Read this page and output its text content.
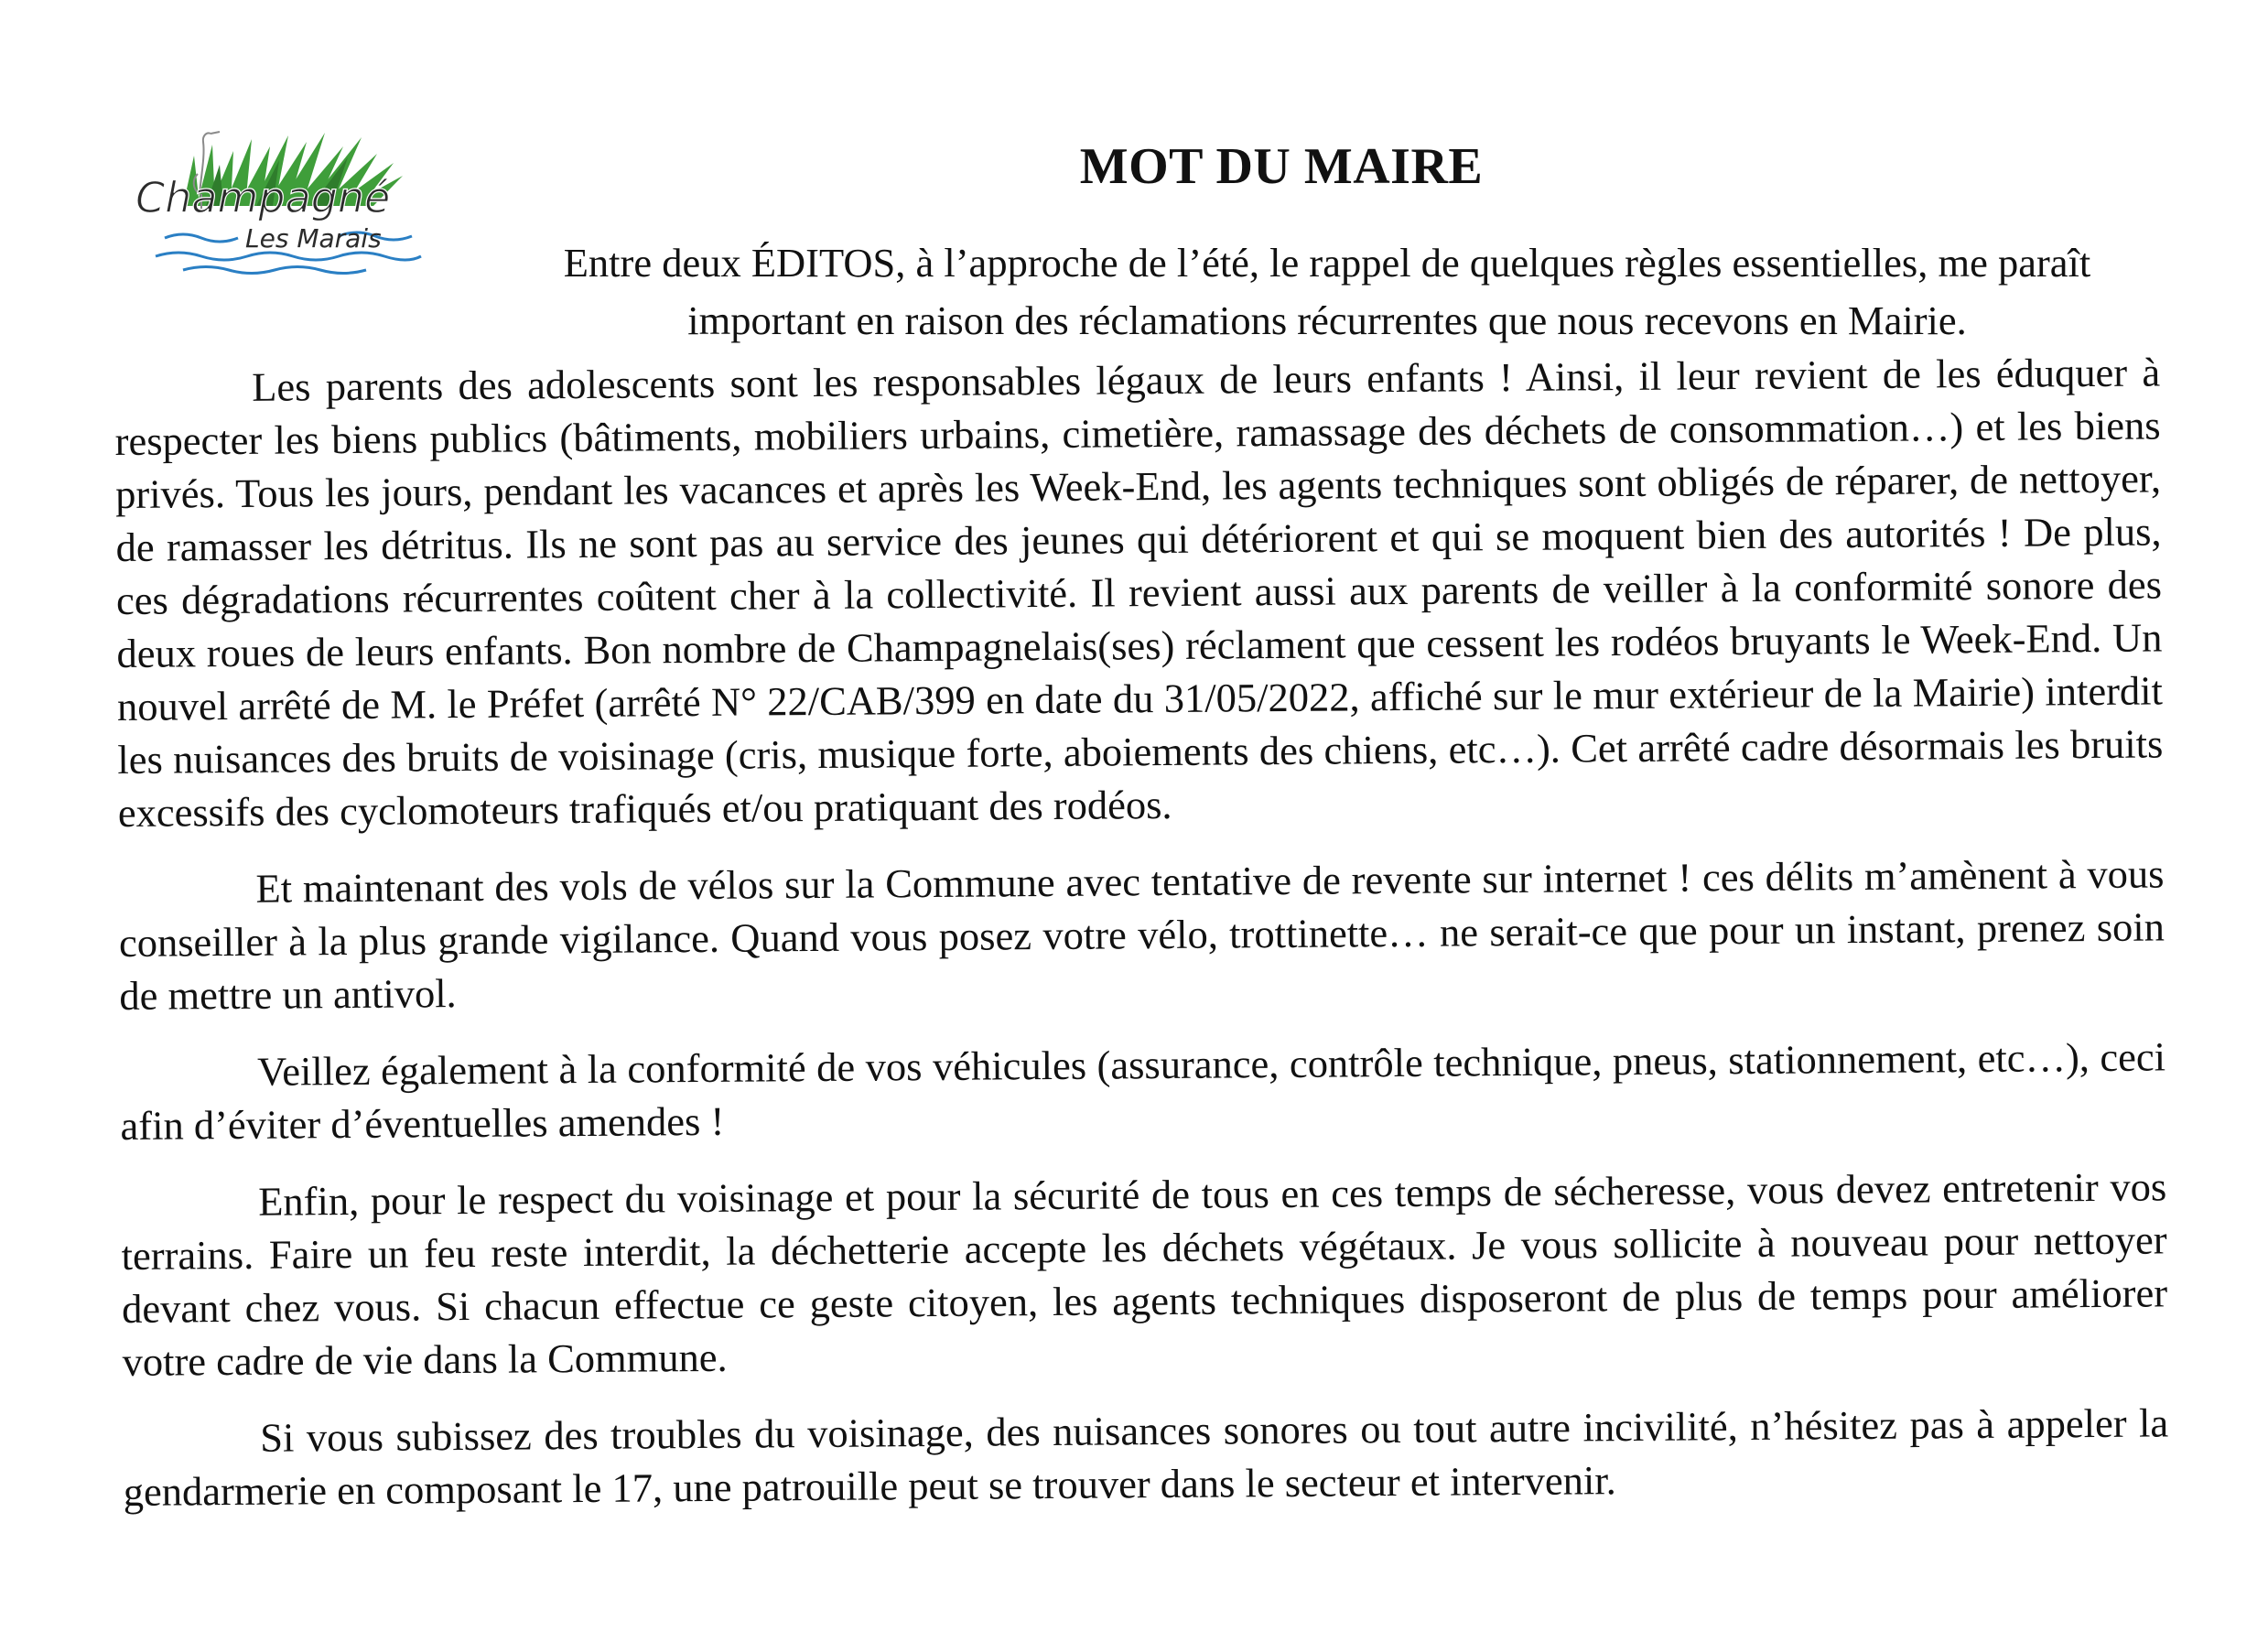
Champagné
Les Marais
MOT DU MAIRE

Entre deux ÉDITOS, à l’approche de l’été, le rappel de quelques règles essentielles, me paraît important en raison des réclamations récurrentes que nous recevons en Mairie.

Les parents des adolescents sont les responsables légaux de leurs enfants ! Ainsi, il leur revient de les éduquer à respecter les biens publics (bâtiments, mobiliers urbains, cimetière, ramassage des déchets de consommation…) et les biens privés. Tous les jours, pendant les vacances et après les Week-End, les agents techniques sont obligés de réparer, de nettoyer, de ramasser les détritus. Ils ne sont pas au service des jeunes qui détériorent et qui se moquent bien des autorités ! De plus, ces dégradations récurrentes coûtent cher à la collectivité. Il revient aussi aux parents de veiller à la conformité sonore des deux roues de leurs enfants. Bon nombre de Champagnelais(ses) réclament que cessent les rodéos bruyants le Week-End. Un nouvel arrêté de M. le Préfet (arrêté N° 22/CAB/399 en date du 31/05/2022, affiché sur le mur extérieur de la Mairie) interdit les nuisances des bruits de voisinage (cris, musique forte, aboiements des chiens, etc…). Cet arrêté cadre désormais les bruits excessifs des cyclomoteurs trafiqués et/ou pratiquant des rodéos.

Et maintenant des vols de vélos sur la Commune avec tentative de revente sur internet ! ces délits m’amènent à vous conseiller à la plus grande vigilance. Quand vous posez votre vélo, trottinette… ne serait-ce que pour un instant, prenez soin de mettre un antivol.

Veillez également à la conformité de vos véhicules (assurance, contrôle technique, pneus, stationnement, etc…), ceci afin d’éviter d’éventuelles amendes !

Enfin, pour le respect du voisinage et pour la sécurité de tous en ces temps de sécheresse, vous devez entretenir vos terrains. Faire un feu reste interdit, la déchetterie accepte les déchets végétaux. Je vous sollicite à nouveau pour nettoyer devant chez vous. Si chacun effectue ce geste citoyen, les agents techniques disposeront de plus de temps pour améliorer votre cadre de vie dans la Commune.

Si vous subissez des troubles du voisinage, des nuisances sonores ou tout autre incivilité, n’hésitez pas à appeler la gendarmerie en composant le 17, une patrouille peut se trouver dans le secteur et intervenir.
